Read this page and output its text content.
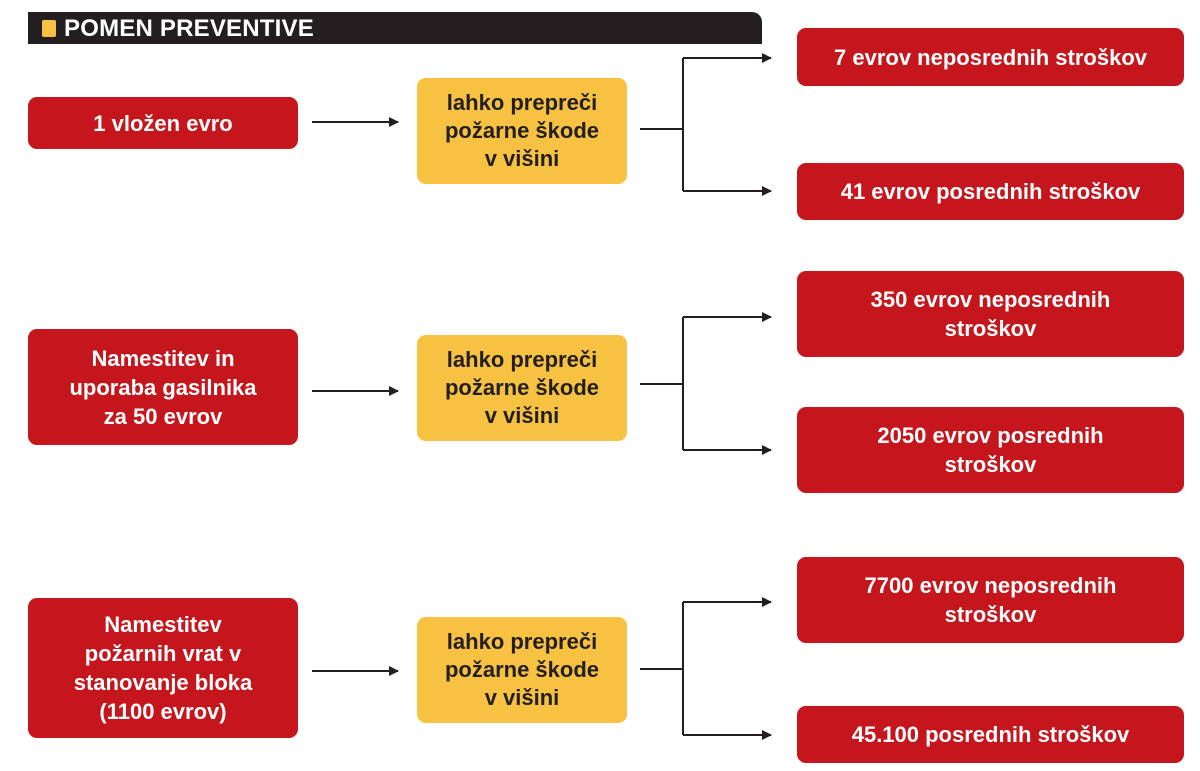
POMEN PREVENTIVE
1 vložen evro
lahko prepreči
požarne škode
v višini
7 evrov neposrednih stroškov
41 evrov posrednih stroškov
Namestitev in
uporaba gasilnika
za 50 evrov
lahko prepreči
požarne škode
v višini
350 evrov neposrednih
stroškov
2050 evrov posrednih
stroškov
Namestitev
požarnih vrat v
stanovanje bloka
(1100 evrov)
lahko prepreči
požarne škode
v višini
7700 evrov neposrednih
stroškov
45.100 posrednih stroškov
